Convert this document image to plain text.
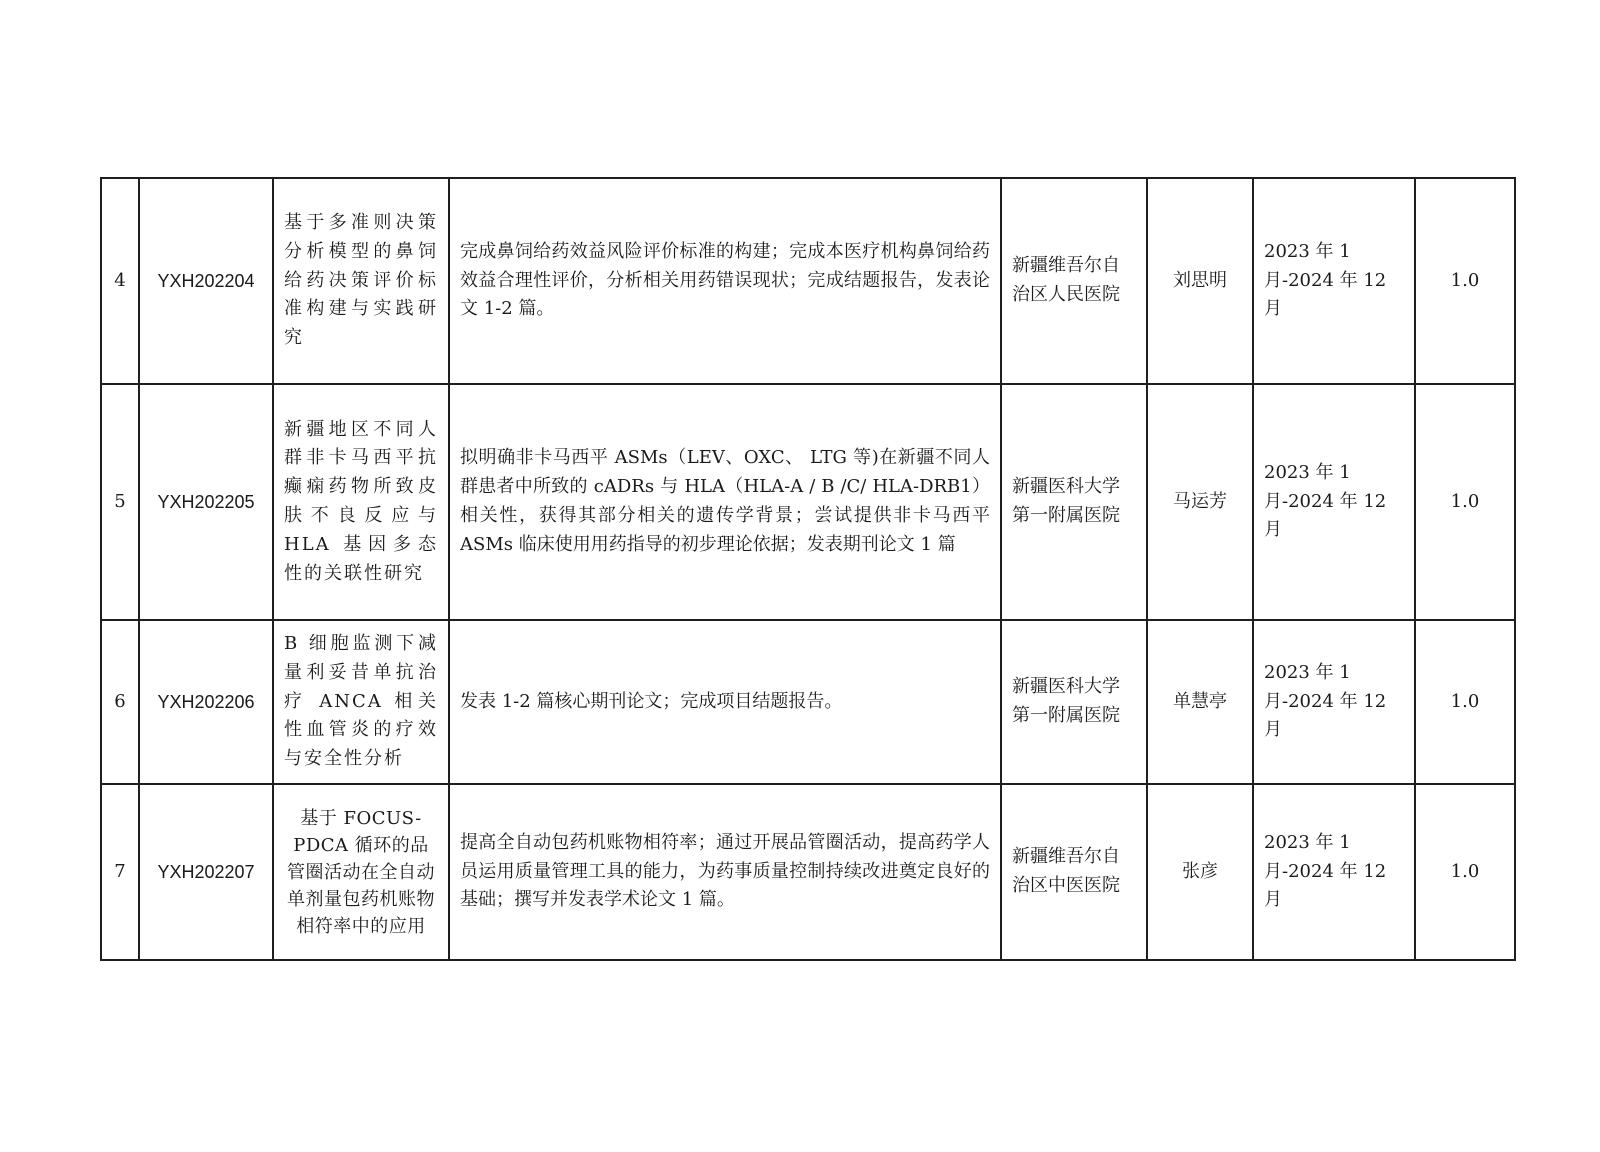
4	YXH202204	基于多准则决策分析模型的鼻饲给药决策评价标准构建与实践研究	完成鼻饲给药效益风险评价标准的构建；完成本医疗机构鼻饲给药效益合理性评价，分析相关用药错误现状；完成结题报告，发表论文 1-2 篇。	新疆维吾尔自治区人民医院	刘思明	2023 年 1 月-2024 年 12 月	1.0
5	YXH202205	新疆地区不同人群非卡马西平抗癫痫药物所致皮肤不良反应与 HLA 基因多态性的关联性研究	拟明确非卡马西平 ASMs（LEV、OXC、 LTG 等)在新疆不同人群患者中所致的 cADRs 与 HLA（HLA-A / B /C/ HLA-DRB1）相关性，获得其部分相关的遗传学背景；尝试提供非卡马西平 ASMs 临床使用用药指导的初步理论依据；发表期刊论文 1 篇	新疆医科大学第一附属医院	马运芳	2023 年 1 月-2024 年 12 月	1.0
6	YXH202206	B 细胞监测下减量利妥昔单抗治疗 ANCA 相关性血管炎的疗效与安全性分析	发表 1-2 篇核心期刊论文；完成项目结题报告。	新疆医科大学第一附属医院	单慧亭	2023 年 1 月-2024 年 12 月	1.0
7	YXH202207	基于 FOCUS-PDCA 循环的品管圈活动在全自动单剂量包药机账物相符率中的应用	提高全自动包药机账物相符率；通过开展品管圈活动，提高药学人员运用质量管理工具的能力，为药事质量控制持续改进奠定良好的基础；撰写并发表学术论文 1 篇。	新疆维吾尔自治区中医医院	张彦	2023 年 1 月-2024 年 12 月	1.0
